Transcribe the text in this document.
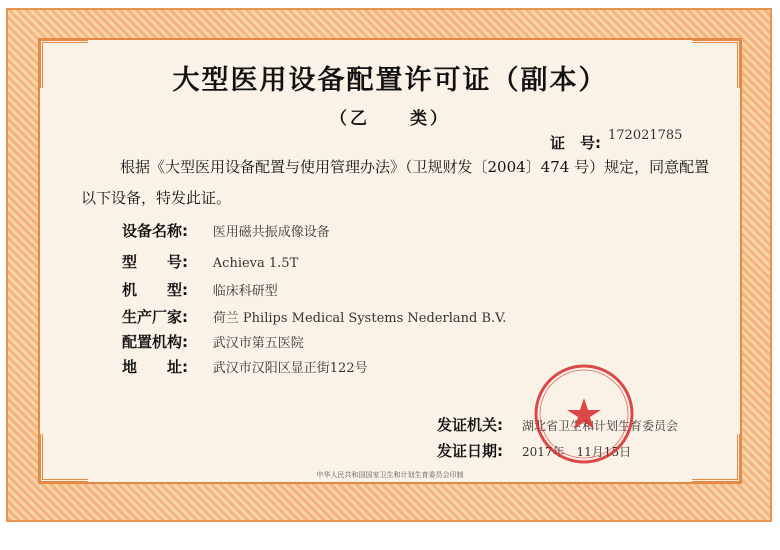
大型医用设备配置许可证（副本）
（乙　　类）
证　号: 172021785
根据《大型医用设备配置与使用管理办法》（卫规财发〔2004〕474 号）规定，同意配置
以下设备，特发此证。
设备名称: 医用磁共振成像设备
型　　号: Achieva 1.5T
机　　型: 临床科研型
生产厂家: 荷兰 Philips Medical Systems Nederland B.V.
配置机构: 武汉市第五医院
地　　址: 武汉市汉阳区显正街122号
发证机关: 湖北省卫生和计划生育委员会
发证日期: 2017年　11月15日
中华人民共和国国家卫生和计划生育委员会印制
